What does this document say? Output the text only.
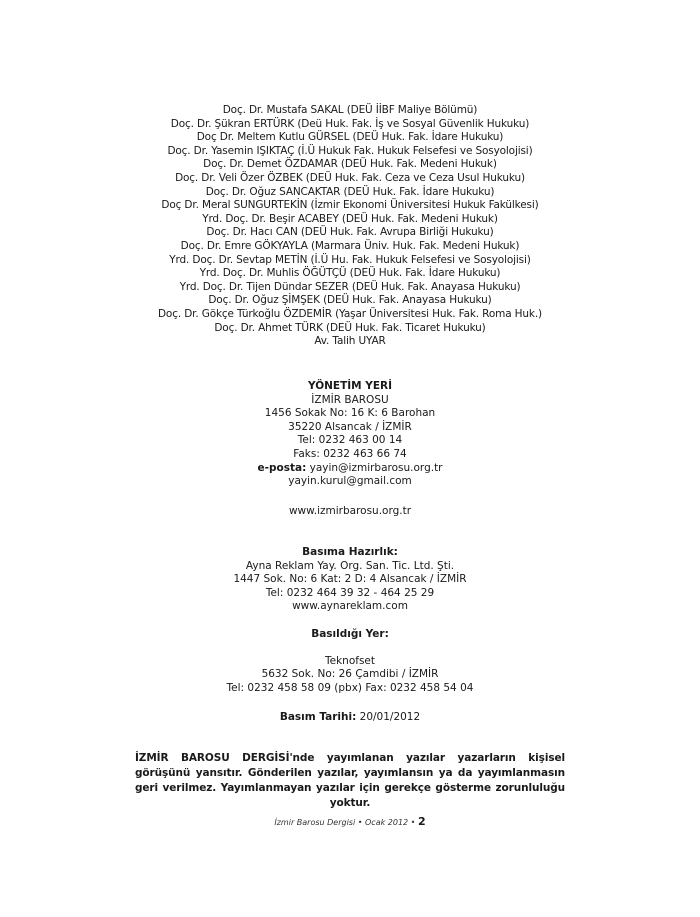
Doç. Dr. Mustafa SAKAL (DEÜ İİBF Maliye Bölümü)
Doç. Dr. Şükran ERTÜRK (Deü Huk. Fak. İş ve Sosyal Güvenlik Hukuku)
Doç Dr. Meltem Kutlu GÜRSEL (DEÜ Huk. Fak. İdare Hukuku)
Doç. Dr. Yasemin IŞIKTAÇ (İ.Ü Hukuk Fak. Hukuk Felsefesi ve Sosyolojisi)
Doç. Dr. Demet ÖZDAMAR (DEÜ Huk. Fak. Medeni Hukuk)
Doç. Dr. Veli Özer ÖZBEK (DEÜ Huk. Fak. Ceza ve Ceza Usul Hukuku)
Doç. Dr. Oğuz SANCAKTAR (DEÜ Huk. Fak. İdare Hukuku)
Doç Dr. Meral SUNGURTEKİN (İzmir Ekonomi Üniversitesi Hukuk Fakülkesi)
Yrd. Doç. Dr. Beşir ACABEY (DEÜ Huk. Fak. Medeni Hukuk)
Doç. Dr. Hacı CAN (DEÜ Huk. Fak. Avrupa Birliği Hukuku)
Doç. Dr. Emre GÖKYAYLA (Marmara Üniv. Huk. Fak. Medeni Hukuk)
Yrd. Doç. Dr. Sevtap METİN (İ.Ü Hu. Fak. Hukuk Felsefesi ve Sosyolojisi)
Yrd. Doç. Dr. Muhlis ÖĞÜTÇÜ (DEÜ Huk. Fak. İdare Hukuku)
Yrd. Doç. Dr. Tijen Dündar SEZER (DEÜ Huk. Fak. Anayasa Hukuku)
Doç. Dr. Oğuz ŞİMŞEK (DEÜ Huk. Fak. Anayasa Hukuku)
Doç. Dr. Gökçe Türkoğlu ÖZDEMİR (Yaşar Üniversitesi Huk. Fak. Roma Huk.)
Doç. Dr. Ahmet TÜRK (DEÜ Huk. Fak. Ticaret Hukuku)
Av. Talih UYAR
YÖNETİM YERİ
İZMİR BAROSU
1456 Sokak No: 16 K: 6 Barohan
35220 Alsancak / İZMİR
Tel: 0232 463 00 14
Faks: 0232 463 66 74
e-posta: yayin@izmirbarosu.org.tr
yayin.kurul@gmail.com
www.izmirbarosu.org.tr
Basıma Hazırlık:
Ayna Reklam Yay. Org. San. Tic. Ltd. Şti.
1447 Sok. No: 6 Kat: 2 D: 4 Alsancak / İZMİR
Tel: 0232 464 39 32 - 464 25 29
www.aynareklam.com
Basıldığı Yer:
Teknofset
5632 Sok. No: 26 Çamdibi / İZMİR
Tel: 0232 458 58 09 (pbx) Fax: 0232 458 54 04
Basım Tarihi: 20/01/2012
İZMİR BAROSU DERGİSİ'nde yayımlanan yazılar yazarların kişisel görüşünü yansıtır. Gönderilen yazılar, yayımlansın ya da yayımlanmasın geri verilmez. Yayımlanmayan yazılar için gerekçe gösterme zorunluluğu yoktur.
İzmir Barosu Dergisi • Ocak 2012 • 2
